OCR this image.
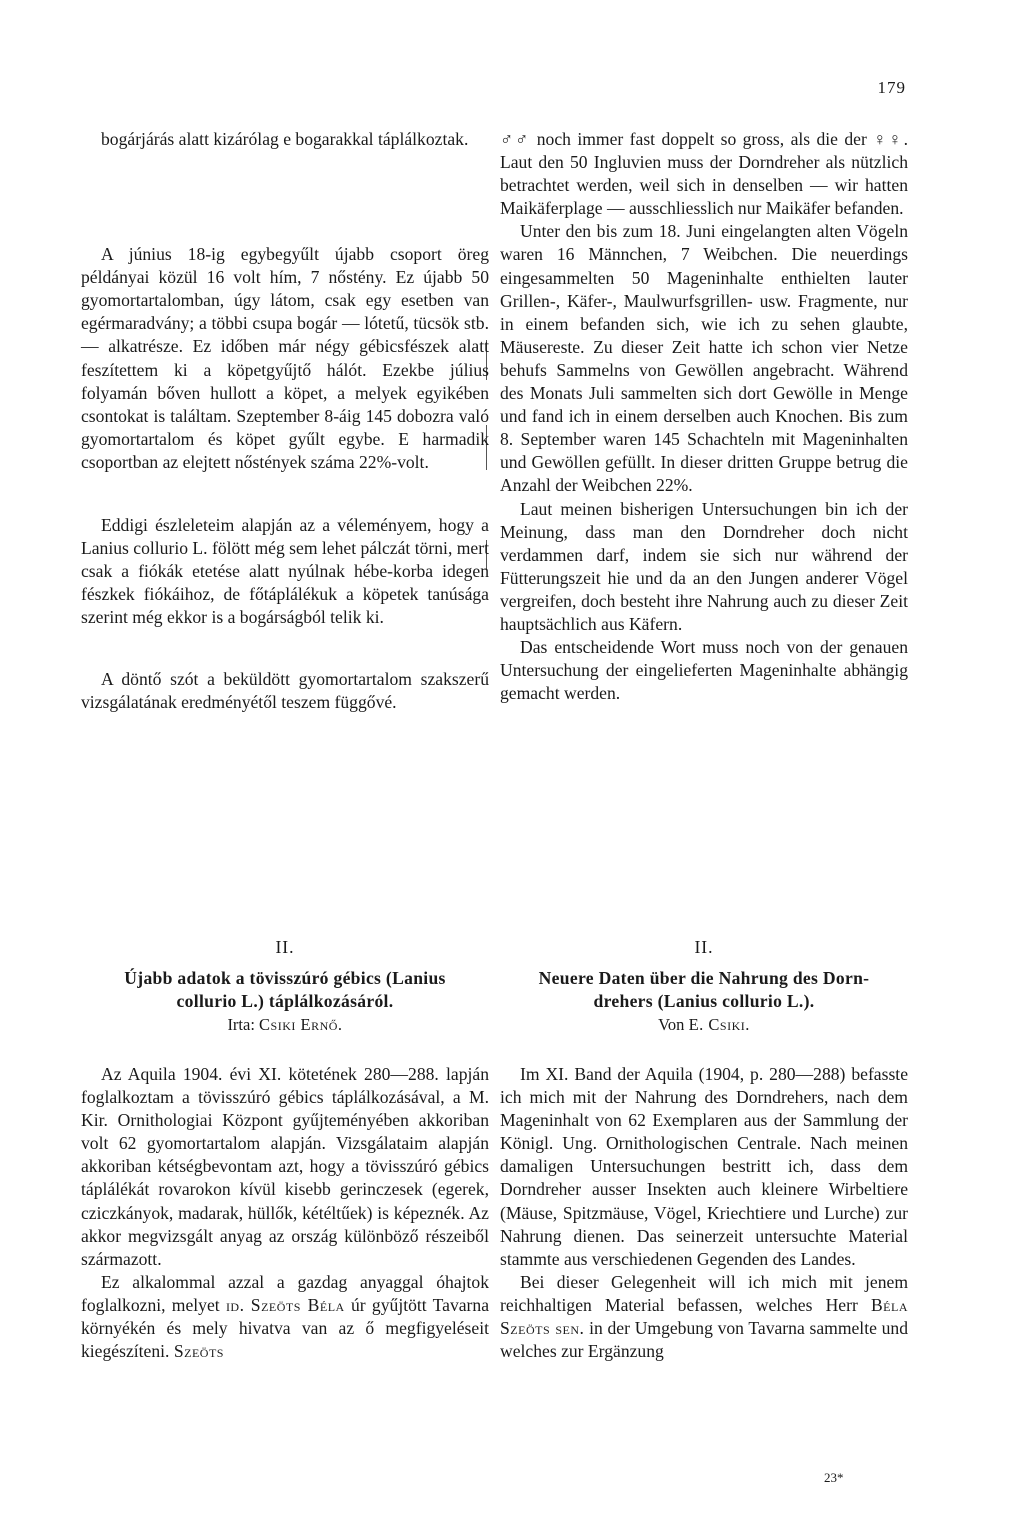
179

bogárjárás alatt kizárólag e bogarakkal táplálkoztak.

A június 18-ig egybegyűlt újabb csoport öreg példányai közül 16 volt hím, 7 nőstény. Ez újabb 50 gyomortartalomban, úgy látom, csak egy esetben van egérmaradvány; a többi csupa bogár — lótetű, tücsök stb. — alkatrésze. Ez időben már négy gébicsfészek alatt feszítettem ki a köpetgyűjtő hálót. Ezekbe július folyamán bőven hullott a köpet, a melyek egyikében csontokat is találtam. Szeptember 8-áig 145 dobozra való gyomortartalom és köpet gyűlt egybe. E harmadik csoportban az elejtett nőstények száma 22%-volt.

Eddigi észleleteim alapján az a véleményem, hogy a Lanius collurio L. fölött még sem lehet pálczát törni, mert csak a fiókák etetése alatt nyúlnak hébe-korba idegen fészkek fiókáihoz, de főtáplálékuk a köpetek tanúsága szerint még ekkor is a bogárságból telik ki.

A döntő szót a beküldött gyomortartalom szakszerű vizsgálatának eredményétől teszem függővé.

♂♂ noch immer fast doppelt so gross, als die der ♀♀. Laut den 50 Ingluvien muss der Dorndreher als nützlich betrachtet werden, weil sich in denselben — wir hatten Maikäferplage — ausschliesslich nur Maikäfer befanden.

Unter den bis zum 18. Juni eingelangten alten Vögeln waren 16 Männchen, 7 Weibchen. Die neuerdings eingesammelten 50 Mageninhalte enthielten lauter Grillen-, Käfer-, Maulwurfsgrillen- usw. Fragmente, nur in einem befanden sich, wie ich zu sehen glaubte, Mäusereste. Zu dieser Zeit hatte ich schon vier Netze behufs Sammelns von Gewöllen angebracht. Während des Monats Juli sammelten sich dort Gewölle in Menge und fand ich in einem derselben auch Knochen. Bis zum 8. September waren 145 Schachteln mit Mageninhalten und Gewöllen gefüllt. In dieser dritten Gruppe betrug die Anzahl der Weibchen 22%.

Laut meinen bisherigen Untersuchungen bin ich der Meinung, dass man den Dorndreher doch nicht verdammen darf, indem sie sich nur während der Fütterungszeit hie und da an den Jungen anderer Vögel vergreifen, doch besteht ihre Nahrung auch zu dieser Zeit hauptsächlich aus Käfern.

Das entscheidende Wort muss noch von der genauen Untersuchung der eingelieferten Mageninhalte abhängig gemacht werden.

II.
Újabb adatok a tövisszúró gébics (Lanius
collurio L.) táplálkozásáról.
Irta: Csiki Ernő.
II.
Neuere Daten über die Nahrung des Dorn-
drehers (Lanius collurio L.).
Von E. Csiki.

Az Aquila 1904. évi XI. kötetének 280—288. lapján foglalkoztam a tövisszúró gébics táplálkozásával, a M. Kir. Ornithologiai Központ gyűjteményében akkoriban volt 62 gyomortartalom alapján. Vizsgálataim alapján akkoriban kétségbevontam azt, hogy a tövisszúró gébics táplálékát rovarokon kívül kisebb gerinczesek (egerek, cziczkányok, madarak, hüllők, kétéltűek) is képeznék. Az akkor megvizsgált anyag az ország különböző részeiből származott.

Ez alkalommal azzal a gazdag anyaggal óhajtok foglalkozni, melyet id. Szeöts Béla úr gyűjtött Tavarna környékén és mely hivatva van az ő megfigyeléseit kiegészíteni. Szeöts

Im XI. Band der Aquila (1904, p. 280—288) befasste ich mich mit der Nahrung des Dorndrehers, nach dem Mageninhalt von 62 Exemplaren aus der Sammlung der Königl. Ung. Ornithologischen Centrale. Nach meinen damaligen Untersuchungen bestritt ich, dass dem Dorndreher ausser Insekten auch kleinere Wirbeltiere (Mäuse, Spitzmäuse, Vögel, Kriechtiere und Lurche) zur Nahrung dienen. Das seinerzeit untersuchte Material stammte aus verschiedenen Gegenden des Landes.

Bei dieser Gelegenheit will ich mich mit jenem reichhaltigen Material befassen, welches Herr Béla Szeöts sen. in der Umgebung von Tavarna sammelte und welches zur Ergänzung

23*
